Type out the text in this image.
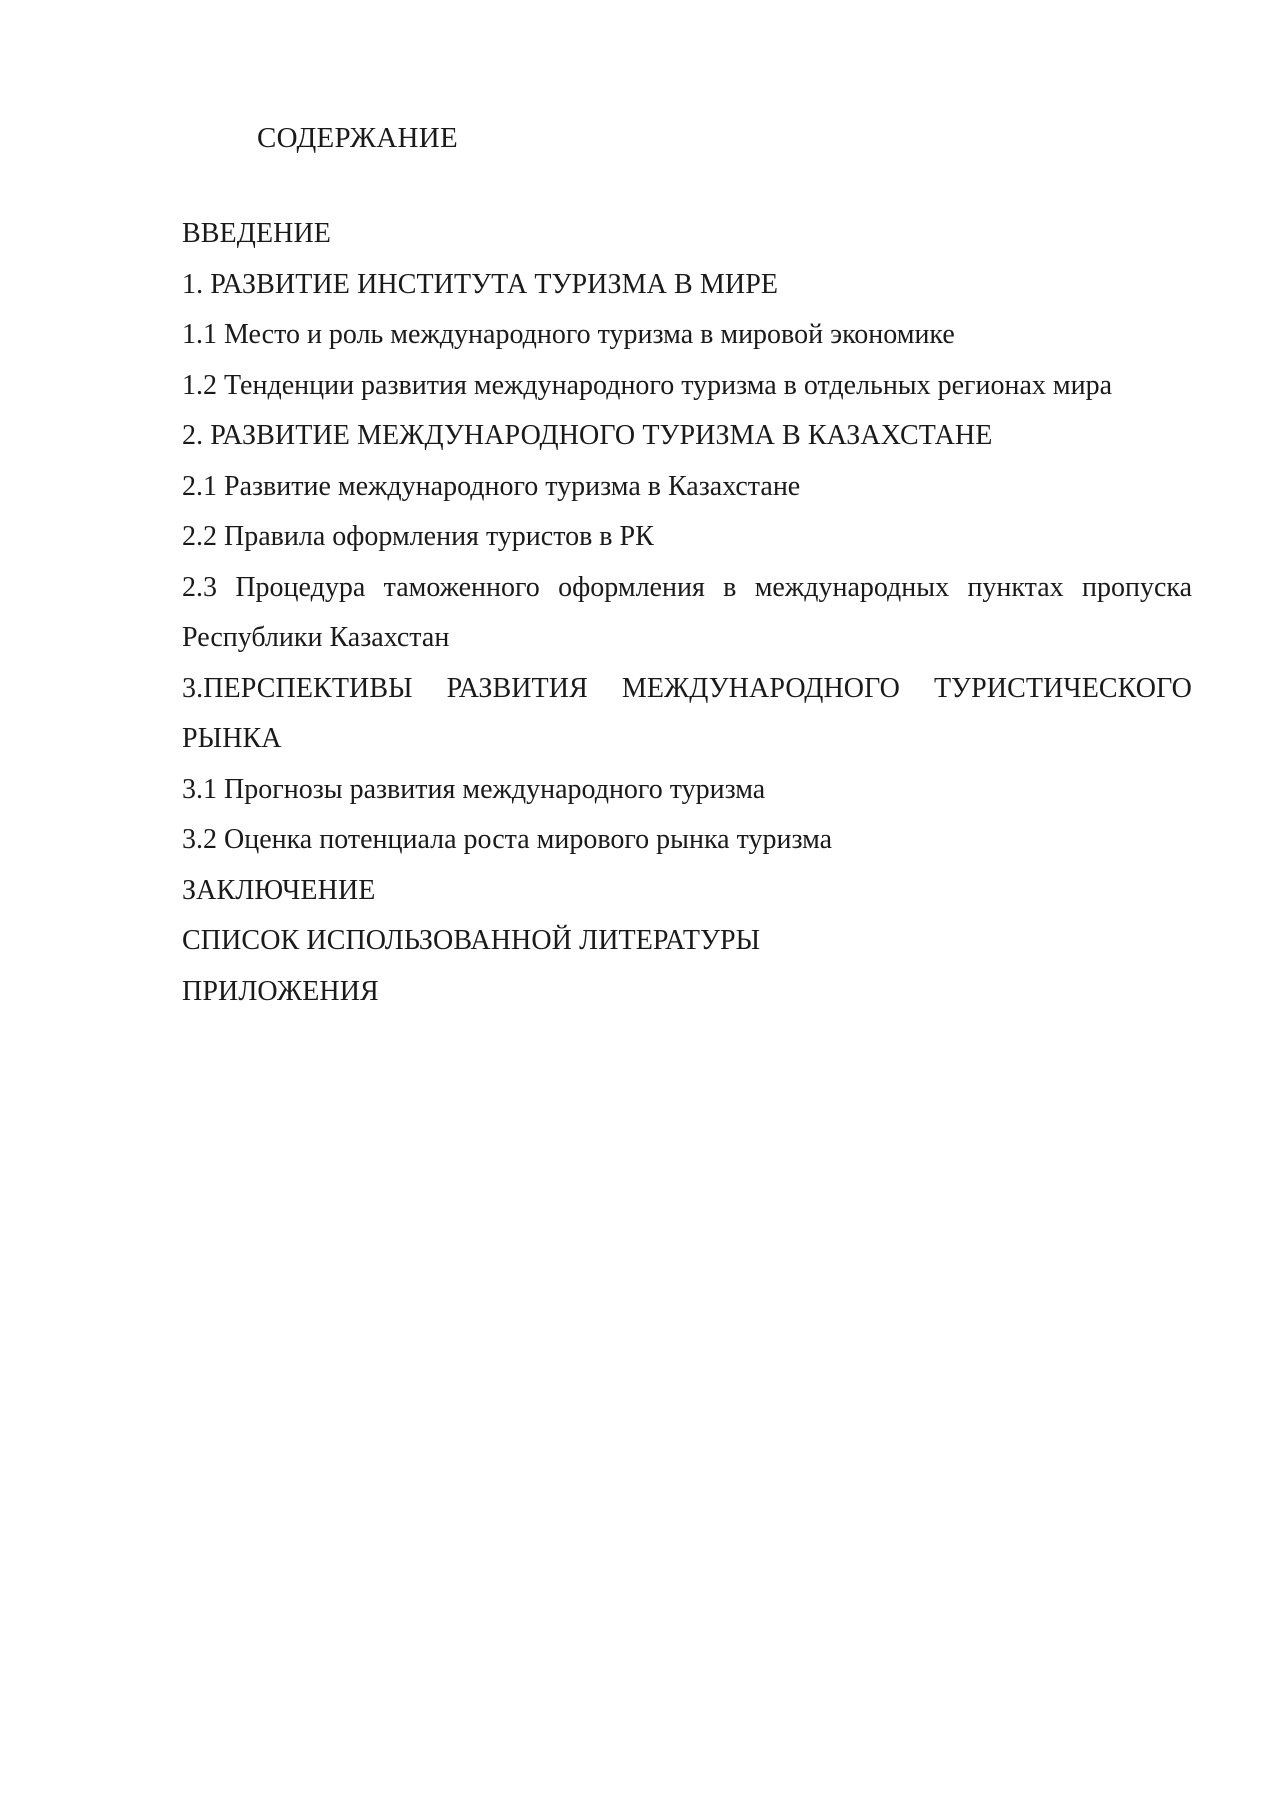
СОДЕРЖАНИЕ
ВВЕДЕНИЕ
1. РАЗВИТИЕ ИНСТИТУТА ТУРИЗМА В МИРЕ
1.1 Место и роль международного туризма в мировой экономике
1.2 Тенденции развития международного туризма в отдельных регионах мира
2. РАЗВИТИЕ МЕЖДУНАРОДНОГО ТУРИЗМА В КАЗАХСТАНЕ
2.1 Развитие международного туризма в Казахстане
2.2 Правила оформления туристов в РК
2.3 Процедура таможенного оформления в международных пунктах пропуска Республики Казахстан
3.ПЕРСПЕКТИВЫ РАЗВИТИЯ МЕЖДУНАРОДНОГО ТУРИСТИЧЕСКОГО РЫНКА
3.1 Прогнозы развития международного туризма
3.2 Оценка потенциала роста мирового рынка туризма
ЗАКЛЮЧЕНИЕ
СПИСОК ИСПОЛЬЗОВАННОЙ ЛИТЕРАТУРЫ
ПРИЛОЖЕНИЯ
